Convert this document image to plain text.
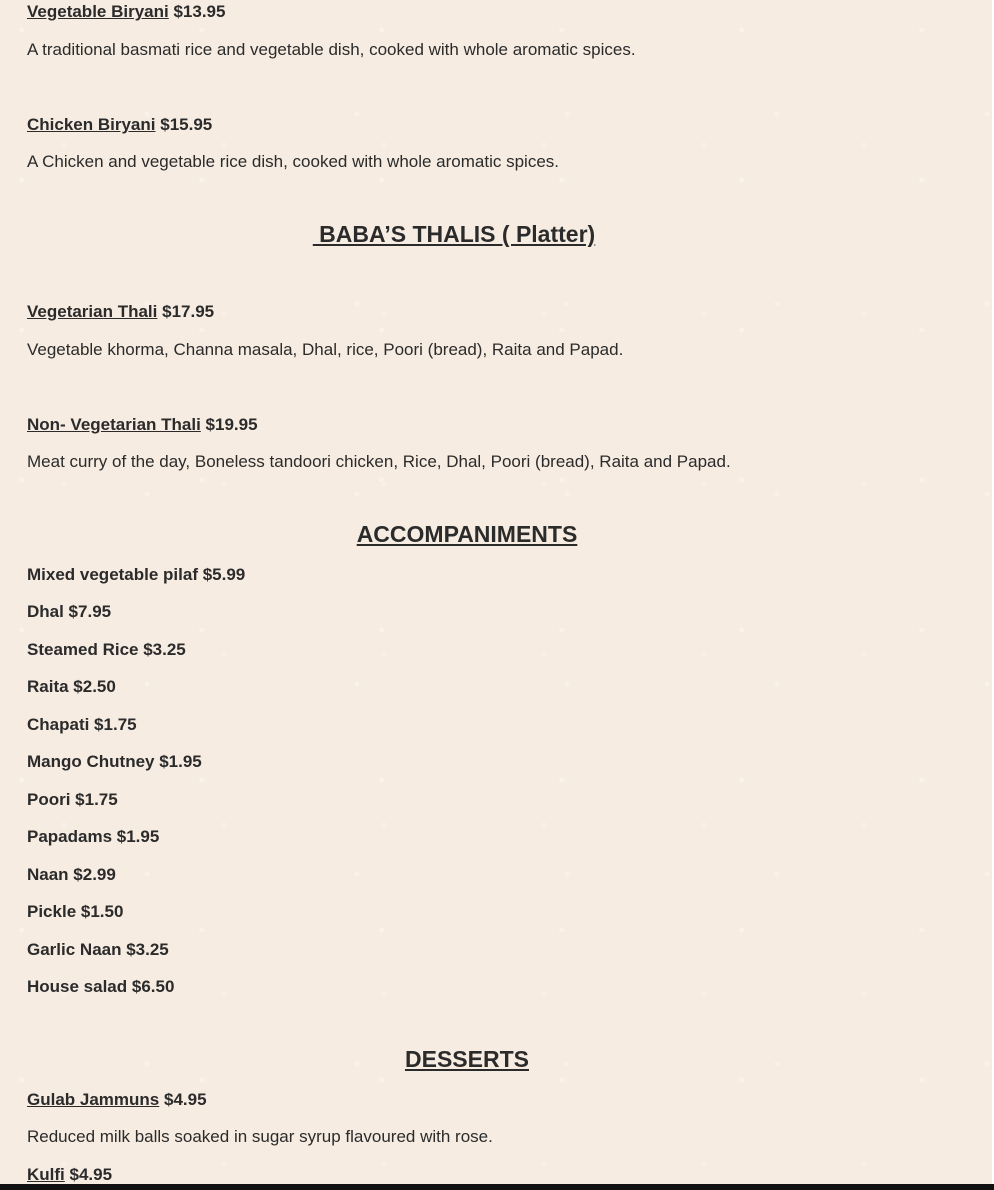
Vegetable Biryani $13.95
A traditional basmati rice and vegetable dish, cooked with whole aromatic spices.
Chicken Biryani $15.95
A Chicken and vegetable rice dish, cooked with whole aromatic spices.
BABA’S THALIS ( Platter)
Vegetarian Thali $17.95
Vegetable khorma, Channa masala, Dhal, rice, Poori (bread), Raita and Papad.
Non- Vegetarian Thali $19.95
Meat curry of the day, Boneless tandoori chicken, Rice, Dhal, Poori (bread), Raita and Papad.
ACCOMPANIMENTS
Mixed vegetable pilaf $5.99
Dhal $7.95
Steamed Rice $3.25
Raita $2.50
Chapati $1.75
Mango Chutney $1.95
Poori $1.75
Papadams $1.95
Naan $2.99
Pickle $1.50
Garlic Naan $3.25
House salad $6.50
DESSERTS
Gulab Jammuns $4.95
Reduced milk balls soaked in sugar syrup flavoured with rose.
Kulfi $4.95
